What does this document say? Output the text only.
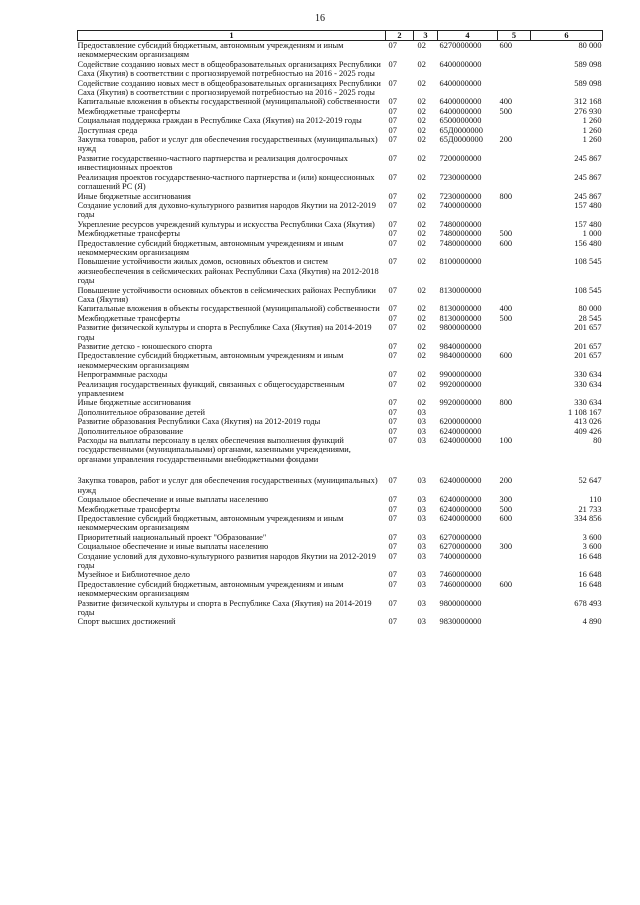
16
1	2	3	4	5	6
Предоставление субсидий бюджетным, автономным учреждениям и иным некоммерческим организациям	07	02	6270000000	600	80 000
Содействие созданию новых мест в общеобразовательных организациях Республики Саха (Якутия) в соответствии с прогнозируемой потребностью на 2016 - 2025 годы	07	02	6400000000		589 098
Содействие созданию новых мест в общеобразовательных организациях Республики Саха (Якутия) в соответствии с прогнозируемой потребностью на 2016 - 2025 годы	07	02	6400000000		589 098
Капитальные вложения в объекты государственной (муниципальной) собственности	07	02	6400000000	400	312 168
Межбюджетные трансферты	07	02	6400000000	500	276 930
Социальная поддержка граждан в Республике Саха (Якутия) на 2012-2019 годы	07	02	6500000000		1 260
Доступная среда	07	02	65Д0000000		1 260
Закупка товаров, работ и услуг для обеспечения государственных (муниципальных) нужд	07	02	65Д0000000	200	1 260
Развитие государственно-частного партнерства и реализация долгосрочных инвестиционных проектов	07	02	7200000000		245 867
Реализация проектов государственно-частного партнерства и (или) концессионных соглашений РС (Я)	07	02	7230000000		245 867
Иные бюджетные ассигнования	07	02	7230000000	800	245 867
Создание условий для духовно-культурного развития народов Якутии на 2012-2019 годы	07	02	7400000000		157 480
Укрепление ресурсов учреждений культуры и искусства Республики Саха (Якутия)	07	02	7480000000		157 480
Межбюджетные трансферты	07	02	7480000000	500	1 000
Предоставление субсидий бюджетным, автономным учреждениям и иным некоммерческим организациям	07	02	7480000000	600	156 480
Повышение устойчивости жилых домов, основных объектов и систем жизнеобеспечения в сейсмических районах Республики Саха (Якутия) на 2012-2018 годы	07	02	8100000000		108 545
Повышение устойчивости основных объектов в сейсмических районах Республики Саха (Якутия)	07	02	8130000000		108 545
Капитальные вложения в объекты государственной (муниципальной) собственности	07	02	8130000000	400	80 000
Межбюджетные трансферты	07	02	8130000000	500	28 545
Развитие физической культуры и спорта в Республике Саха (Якутия) на 2014-2019 годы	07	02	9800000000		201 657
Развитие детско - юношеского спорта	07	02	9840000000		201 657
Предоставление субсидий бюджетным, автономным учреждениям и иным некоммерческим организациям	07	02	9840000000	600	201 657
Непрограммные расходы	07	02	9900000000		330 634
Реализация государственных функций, связанных с общегосударственным управлением	07	02	9920000000		330 634
Иные бюджетные ассигнования	07	02	9920000000	800	330 634
Дополнительное образование детей	07	03			1 108 167
Развитие образования Республики Саха (Якутия) на 2012-2019 годы	07	03	6200000000		413 026
Дополнительное образование	07	03	6240000000		409 426
Расходы на выплаты персоналу в целях обеспечения выполнения функций государственными (муниципальными) органами, казенными учреждениями, органами управления государственными внебюджетными фондами	07	03	6240000000	100	80
Закупка товаров, работ и услуг для обеспечения государственных (муниципальных) нужд	07	03	6240000000	200	52 647
Социальное обеспечение и иные выплаты населению	07	03	6240000000	300	110
Межбюджетные трансферты	07	03	6240000000	500	21 733
Предоставление субсидий бюджетным, автономным учреждениям и иным некоммерческим организациям	07	03	6240000000	600	334 856
Приоритетный национальный проект "Образование"	07	03	6270000000		3 600
Социальное обеспечение и иные выплаты населению	07	03	6270000000	300	3 600
Создание условий для духовно-культурного развития народов Якутии на 2012-2019 годы	07	03	7400000000		16 648
Музейное и Библиотечное дело	07	03	7460000000		16 648
Предоставление субсидий бюджетным, автономным учреждениям и иным некоммерческим организациям	07	03	7460000000	600	16 648
Развитие физической культуры и спорта в Республике Саха (Якутия) на 2014-2019 годы	07	03	9800000000		678 493
Спорт высших достижений	07	03	9830000000		4 890
